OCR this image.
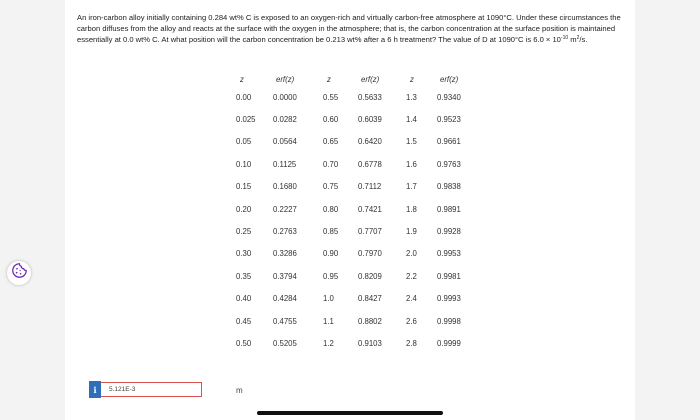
An iron-carbon alloy initially containing 0.284 wt% C is exposed to an oxygen-rich and virtually carbon-free atmosphere at 1090°C. Under these circumstances the carbon diffuses from the alloy and reacts at the surface with the oxygen in the atmosphere; that is, the carbon concentration at the surface position is maintained essentially at 0.0 wt% C. At what position will the carbon concentration be 0.213 wt% after a 6 h treatment? The value of D at 1090°C is $6.0 \times 10^{-10}$ $m^2/s$.
z	erf(z)	z	erf(z)	z	erf(z)
0.00	0.0000	0.55	0.5633	1.3	0.9340
0.025	0.0282	0.60	0.6039	1.4	0.9523
0.05	0.0564	0.65	0.6420	1.5	0.9661
0.10	0.1125	0.70	0.6778	1.6	0.9763
0.15	0.1680	0.75	0.7112	1.7	0.9838
0.20	0.2227	0.80	0.7421	1.8	0.9891
0.25	0.2763	0.85	0.7707	1.9	0.9928
0.30	0.3286	0.90	0.7970	2.0	0.9953
0.35	0.3794	0.95	0.8209	2.2	0.9981
0.40	0.4284	1.0	0.8427	2.4	0.9993
0.45	0.4755	1.1	0.8802	2.6	0.9998
0.50	0.5205	1.2	0.9103	2.8	0.9999
i
5.121E-3	m
